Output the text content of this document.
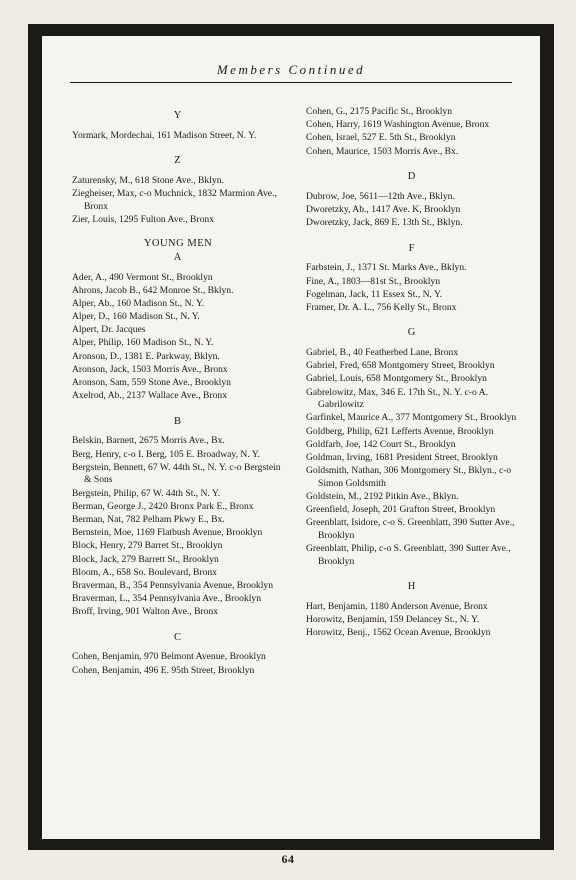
Members Continued
Y
Yormark, Mordechai, 161 Madison Street, N. Y.
Z
Zaturensky, M., 618 Stone Ave., Bklyn.
Ziegheiser, Max, c-o Muchnick, 1832 Marmion Ave., Bronx
Zier, Louis, 1295 Fulton Ave., Bronx
YOUNG MEN
A
Ader, A., 490 Vermont St., Brooklyn
Ahrons, Jacob B., 642 Monroe St., Bklyn.
Alper, Ab., 160 Madison St., N. Y.
Alper, D., 160 Madison St., N. Y.
Alpert, Dr. Jacques
Alper, Philip, 160 Madison St., N. Y.
Aronson, D., 1381 E. Parkway, Bklyn.
Aronson, Jack, 1503 Morris Ave., Bronx
Aronson, Sam, 559 Stone Ave., Brooklyn
Axelrod, Ab., 2137 Wallace Ave., Bronx
B
Belskin, Barnett, 2675 Morris Ave., Bx.
Berg, Henry, c-o I. Berg, 105 E. Broadway, N. Y.
Bergstein, Bennett, 67 W. 44th St., N. Y. c-o Bergstein & Sons
Bergstein, Philip, 67 W. 44th St., N. Y.
Berman, George J., 2420 Bronx Park E., Bronx
Berman, Nat, 782 Pelham Pkwy E., Bx.
Bernstein, Moe, 1169 Flatbush Avenue, Brooklyn
Block, Henry, 279 Barret St., Brooklyn
Block, Jack, 279 Barrett St., Brooklyn
Bloom, A., 658 So. Boulevard, Bronx
Braverman, B., 354 Pennsylvania Avenue, Brooklyn
Braverman, L., 354 Pennsylvania Ave., Brooklyn
Broff, Irving, 901 Walton Ave., Bronx
C
Cohen, Benjamin, 970 Belmont Avenue, Brooklyn
Cohen, Benjamin, 496 E. 95th Street, Brooklyn
Cohen, G., 2175 Pacific St., Brooklyn
Cohen, Harry, 1619 Washington Avenue, Bronx
Cohen, Israel, 527 E. 5th St., Brooklyn
Cohen, Maurice, 1503 Morris Ave., Bx.
D
Dubrow, Joe, 5611—12th Ave., Bklyn.
Dworetzky, Ab., 1417 Ave. K, Brooklyn
Dworetzky, Jack, 869 E. 13th St., Bklyn.
F
Farbstein, J., 1371 St. Marks Ave., Bklyn.
Fine, A., 1803—81st St., Brooklyn
Fogelman, Jack, 11 Essex St., N. Y.
Framer, Dr. A. L., 756 Kelly St., Bronx
G
Gabriel, B., 40 Featherbed Lane, Bronx
Gabriel, Fred, 658 Montgomery Street, Brooklyn
Gabriel, Louis, 658 Montgomery St., Brooklyn
Gabrelowitz, Max, 346 E. 17th St., N. Y. c-o A. Gabrilowitz
Garfinkel, Maurice A., 377 Montgomery St., Brooklyn
Goldberg, Philip, 621 Lefferts Avenue, Brooklyn
Goldfarb, Joe, 142 Court St., Brooklyn
Goldman, Irving, 1681 President Street, Brooklyn
Goldsmith, Nathan, 306 Montgomery St., Bklyn., c-o Simon Goldsmith
Goldstein, M., 2192 Pitkin Ave., Bklyn.
Greenfield, Joseph, 201 Grafton Street, Brooklyn
Greenblatt, Isidore, c-o S. Greenblatt, 390 Sutter Ave., Brooklyn
Greenblatt, Philip, c-o S. Greenblatt, 390 Sutter Ave., Brooklyn
H
Hart, Benjamin, 1180 Anderson Avenue, Bronx
Horowitz, Benjamin, 159 Delancey St., N. Y.
Horowitz, Benj., 1562 Ocean Avenue, Brooklyn
64
